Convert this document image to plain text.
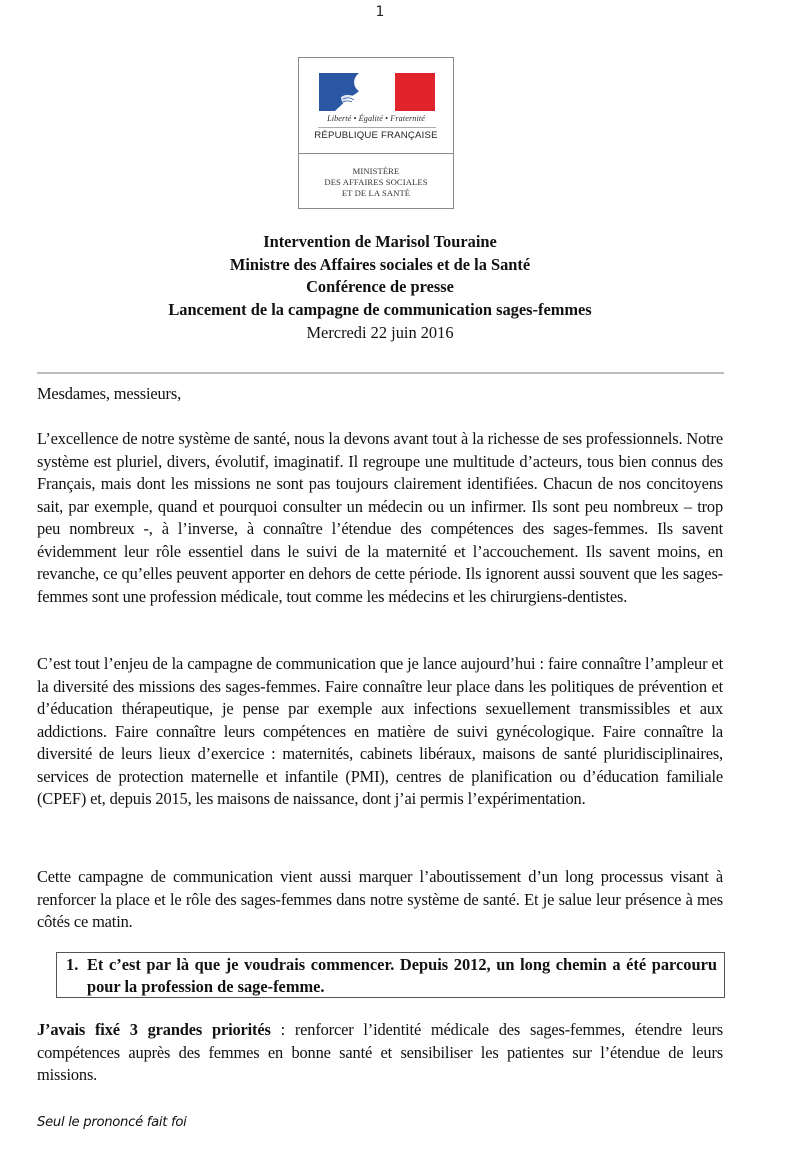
1
Liberté • Égalité • Fraternité
RÉPUBLIQUE FRANÇAISE
MINISTÈRE
DES AFFAIRES SOCIALES
ET DE LA SANTÉ
Intervention de Marisol Touraine
Ministre des Affaires sociales et de la Santé
Conférence de presse
Lancement de la campagne de communication sages-femmes
Mercredi 22 juin 2016
Mesdames, messieurs,
L’excellence de notre système de santé, nous la devons avant tout à la richesse de ses professionnels. Notre système est pluriel, divers, évolutif, imaginatif. Il regroupe une multitude d’acteurs, tous bien connus des Français, mais dont les missions ne sont pas toujours clairement identifiées. Chacun de nos concitoyens sait, par exemple, quand et pourquoi consulter un médecin ou un infirmer. Ils sont peu nombreux – trop peu nombreux -, à l’inverse, à connaître l’étendue des compétences des sages-femmes. Ils savent évidemment leur rôle essentiel dans le suivi de la maternité et l’accouchement. Ils savent moins, en revanche, ce qu’elles peuvent apporter en dehors de cette période. Ils ignorent aussi souvent que les sages-femmes sont une profession médicale, tout comme les médecins et les chirurgiens-dentistes.
C’est tout l’enjeu de la campagne de communication que je lance aujourd’hui : faire connaître l’ampleur et la diversité des missions des sages-femmes. Faire connaître leur place dans les politiques de prévention et d’éducation thérapeutique, je pense par exemple aux infections sexuellement transmissibles et aux addictions. Faire connaître leurs compétences en matière de suivi gynécologique. Faire connaître la diversité de leurs lieux d’exercice : maternités, cabinets libéraux, maisons de santé pluridisciplinaires, services de protection maternelle et infantile (PMI), centres de planification ou d’éducation familiale (CPEF) et, depuis 2015, les maisons de naissance, dont j’ai permis l’expérimentation.
Cette campagne de communication vient aussi marquer l’aboutissement d’un long processus visant à renforcer la place et le rôle des sages-femmes dans notre système de santé. Et je salue leur présence à mes côtés ce matin.
1. Et c’est par là que je voudrais commencer. Depuis 2012, un long chemin a été parcouru pour la profession de sage-femme.
J’avais fixé 3 grandes priorités : renforcer l’identité médicale des sages-femmes, étendre leurs compétences auprès des femmes en bonne santé et sensibiliser les patientes sur l’étendue de leurs missions.
Seul le prononcé fait foi
